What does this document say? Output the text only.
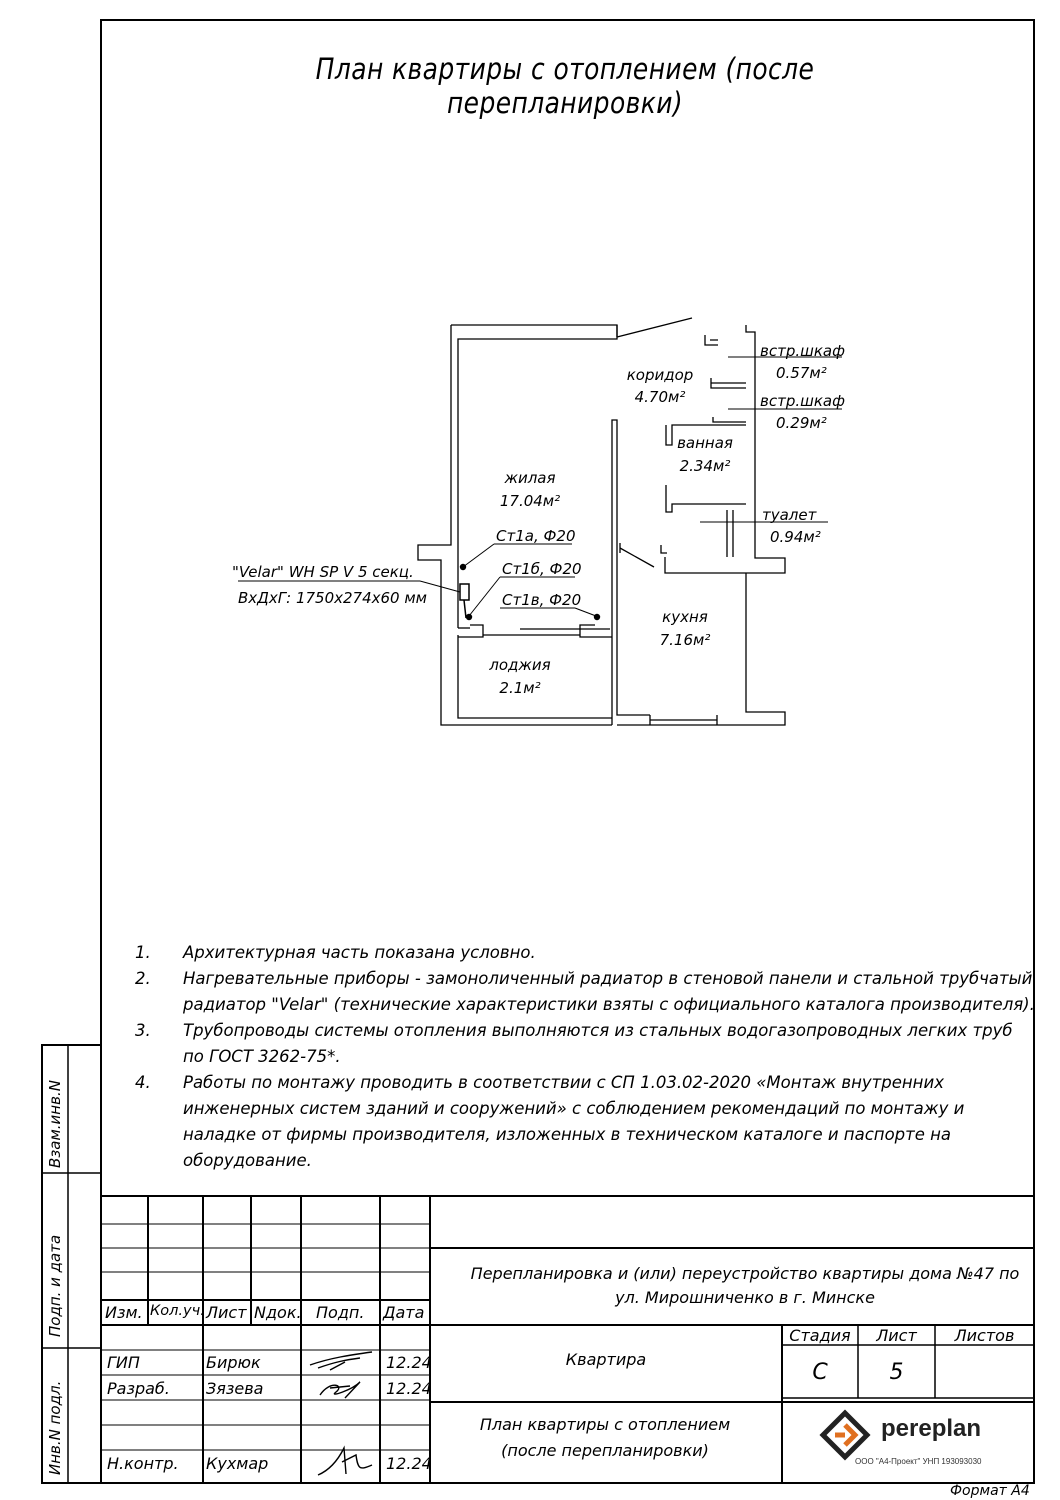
План квартиры с отоплением (после перепланировки)
коридор
4.70м²
жилая
17.04м²
ванная
2.34м²
туалет
0.94м²
встр.шкаф
0.57м²
встр.шкаф
0.29м²
кухня
7.16м²
лоджия
2.1м²
Ст1а, Ф20
Ст1б, Ф20
Ст1в, Ф20
"Velar" WH SP V 5 секц.
ВхДхГ: 1750х274х60 мм
1.	Архитектурная часть показана условно.
2.	Нагревательные приборы - замоноличенный радиатор в стеновой панели и стальной трубчатый радиатор "Velar" (технические характеристики взяты с официального каталога производителя).
3.	Трубопроводы системы отопления выполняются из стальных водогазопроводных легких труб по ГОСТ 3262-75*.
4.	Работы по монтажу проводить в соответствии с СП 1.03.02-2020 «Монтаж внутренних инженерных систем зданий и сооружений» с соблюдением рекомендаций по монтажу и наладке от фирмы производителя, изложенных в техническом каталоге и паспорте на оборудование.
Взам.инв.N
Подп. и дата
Инв.N подл.
Изм. Кол.уч. Лист Nдок. Подп. Дата
ГИП	Бирюк	12.24
Разраб. Зязева	12.24
Н.контр. Кухмар	12.24
Перепланировка и (или) переустройство квартиры дома №47 по ул. Мирошниченко в г. Минске
Квартира
План квартиры с отоплением (после перепланировки)
Стадия	Лист	Листов
С	5
pereplan
ООО "А4-Проект" УНП 193093030
Формат А4
